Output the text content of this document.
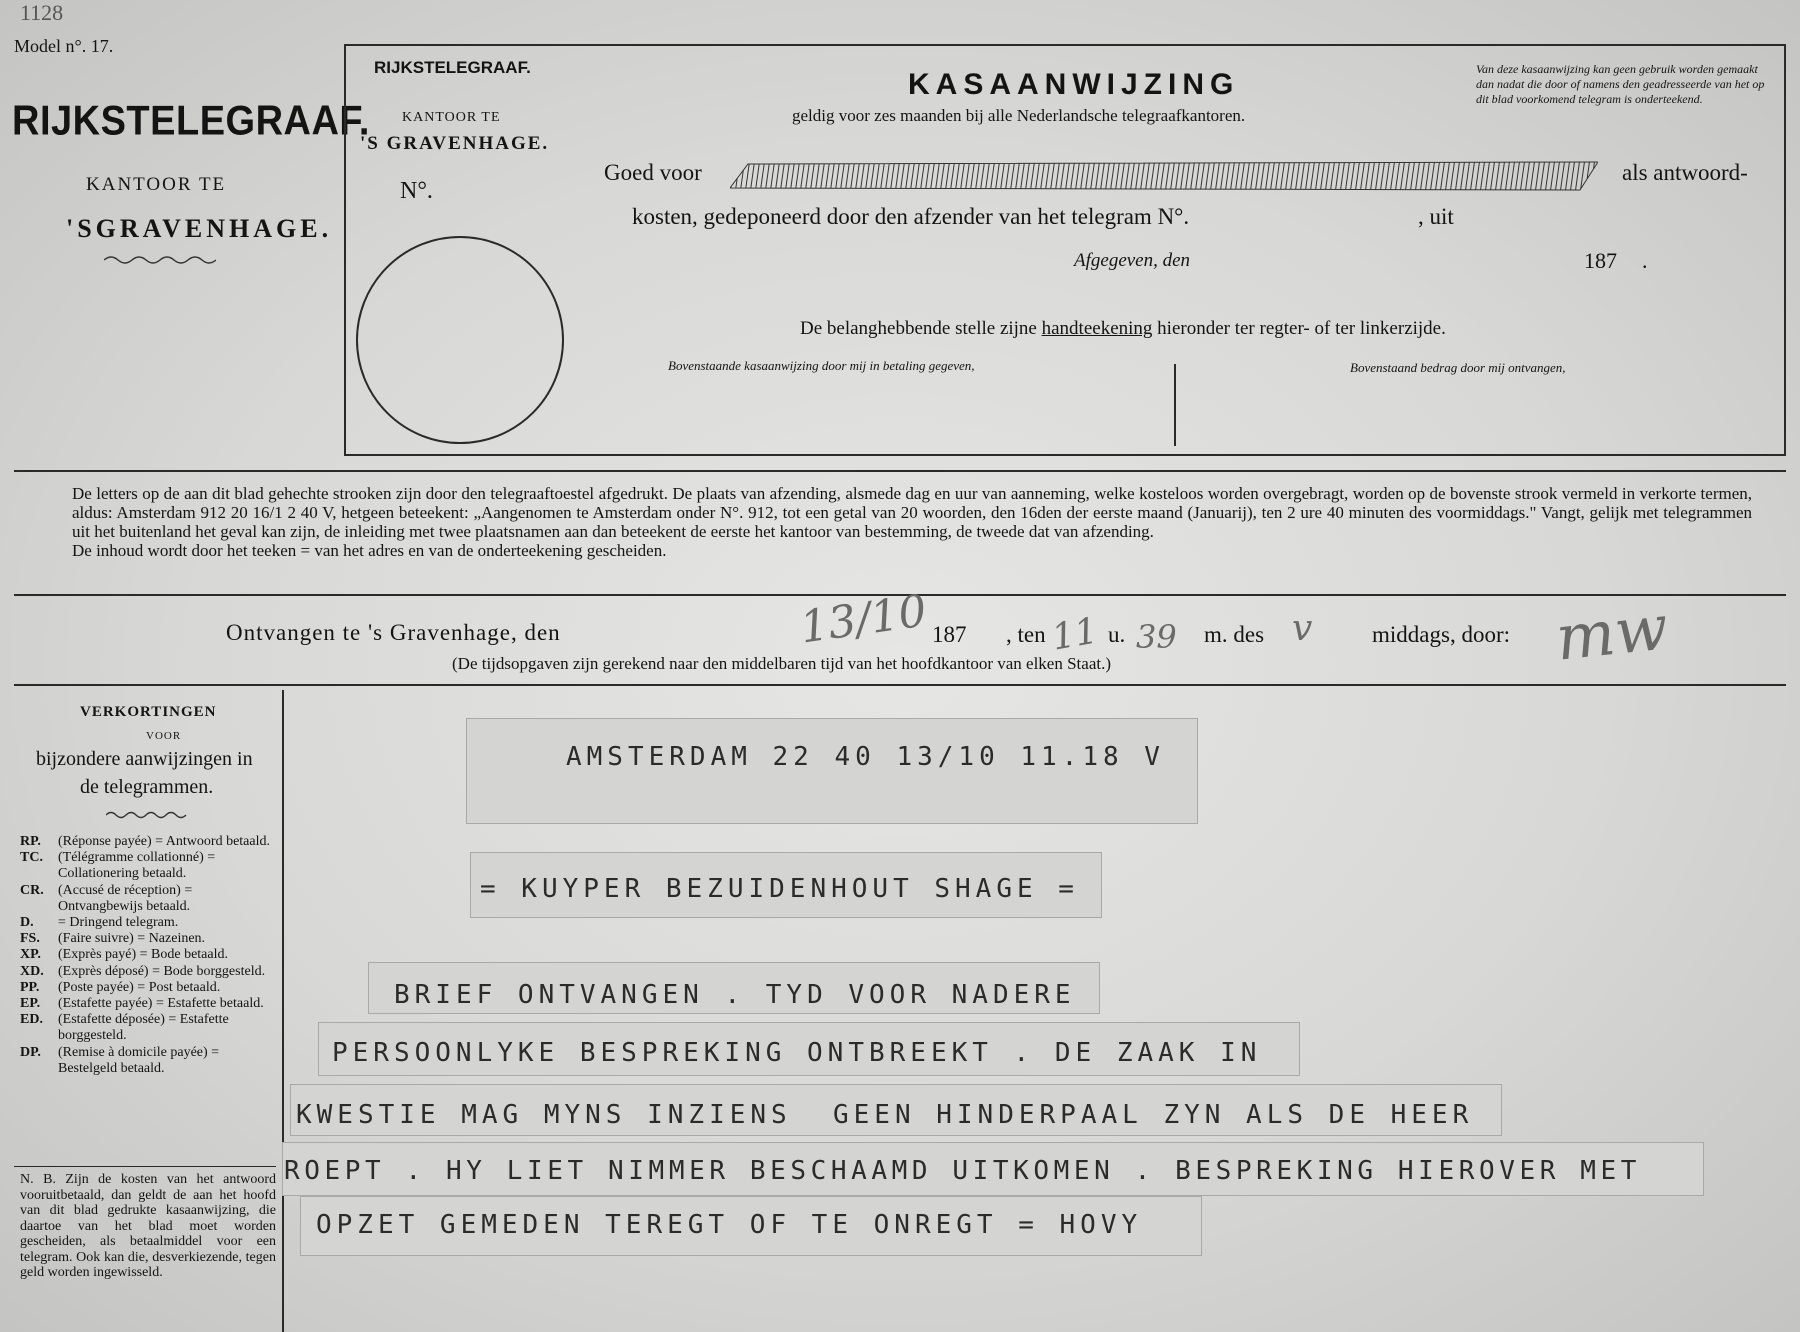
1128
Model n°. 17.
RIJKSTELEGRAAF.
KANTOOR TE
'SGRAVENHAGE.
RIJKSTELEGRAAF.
KANTOOR TE
'S GRAVENHAGE.
N°.
KASAANWIJZING
geldig voor zes maanden bij alle Nederlandsche telegraafkantoren.
Van deze kasaanwijzing kan geen gebruik worden gemaakt dan nadat die door of namens den geadresseerde van het op dit blad voorkomend telegram is onderteekend.
Goed voor	als antwoord-
kosten, gedeponeerd door den afzender van het telegram N°.	, uit
Afgegeven, den	187 .
De belanghebbende stelle zijne handteekening hieronder ter regter- of ter linkerzijde.
Bovenstaande kasaanwijzing door mij in betaling gegeven,	Bovenstaand bedrag door mij ontvangen,

De letters op de aan dit blad gehechte strooken zijn door den telegraaftoestel afgedrukt. De plaats van afzending, alsmede dag en uur van aanneming, welke kosteloos worden overgebragt, worden op de bovenste strook vermeld in verkorte termen, aldus: Amsterdam 912 20 16/1 2 40 V, hetgeen beteekent: „Aangenomen te Amsterdam onder N°. 912, tot een getal van 20 woorden, den 16den der eerste maand (Januarij), ten 2 ure 40 minuten des voormiddags." Vangt, gelijk met telegrammen uit het buitenland het geval kan zijn, de inleiding met twee plaatsnamen aan dan beteekent de eerste het kantoor van bestemming, de tweede dat van afzending.

De inhoud wordt door het teeken = van het adres en van de onderteekening gescheiden.

Ontvangen te 's Gravenhage, den	187 , ten	u.	m. des	middags, door:
(De tijdsopgaven zijn gerekend naar den middelbaren tijd van het hoofdkantoor van elken Staat.)
13/10	11 39	v	mw
VERKORTINGEN
VOOR
bijzondere aanwijzingen in
de telegrammen.
RP.	(Réponse payée) = Antwoord betaald.
TC.	(Télégramme collationné) = Collationering betaald.
CR.	(Accusé de réception) = Ontvangbewijs betaald.
D.	= Dringend telegram.
FS.	(Faire suivre) = Nazeinen.
XP.	(Exprès payé) = Bode betaald.
XD.	(Exprès déposé) = Bode borggesteld.
PP.	(Poste payée) = Post betaald.
EP.	(Estafette payée) = Estafette betaald.
ED.	(Estafette déposée) = Estafette borggesteld.
DP.	(Remise à domicile payée) = Bestelgeld betaald.
N. B. Zijn de kosten van het antwoord vooruitbetaald, dan geldt de aan het hoofd van dit blad gedrukte kasaanwijzing, die daartoe van het blad moet worden gescheiden, als betaalmiddel voor een telegram. Ook kan die, desverkiezende, tegen geld worden ingewisseld.
AMSTERDAM 22 40 13/10 11.18 V
= KUYPER BEZUIDENHOUT SHAGE =
BRIEF ONTVANGEN . TYD VOOR NADERE
PERSOONLYKE BESPREKING ONTBREEKT . DE ZAAK IN
KWESTIE MAG MYNS INZIENS  GEEN HINDERPAAL ZYN ALS DE HEER
ROEPT . HY LIET NIMMER BESCHAAMD UITKOMEN . BESPREKING HIEROVER MET
OPZET GEMEDEN TEREGT OF TE ONREGT = HOVY
